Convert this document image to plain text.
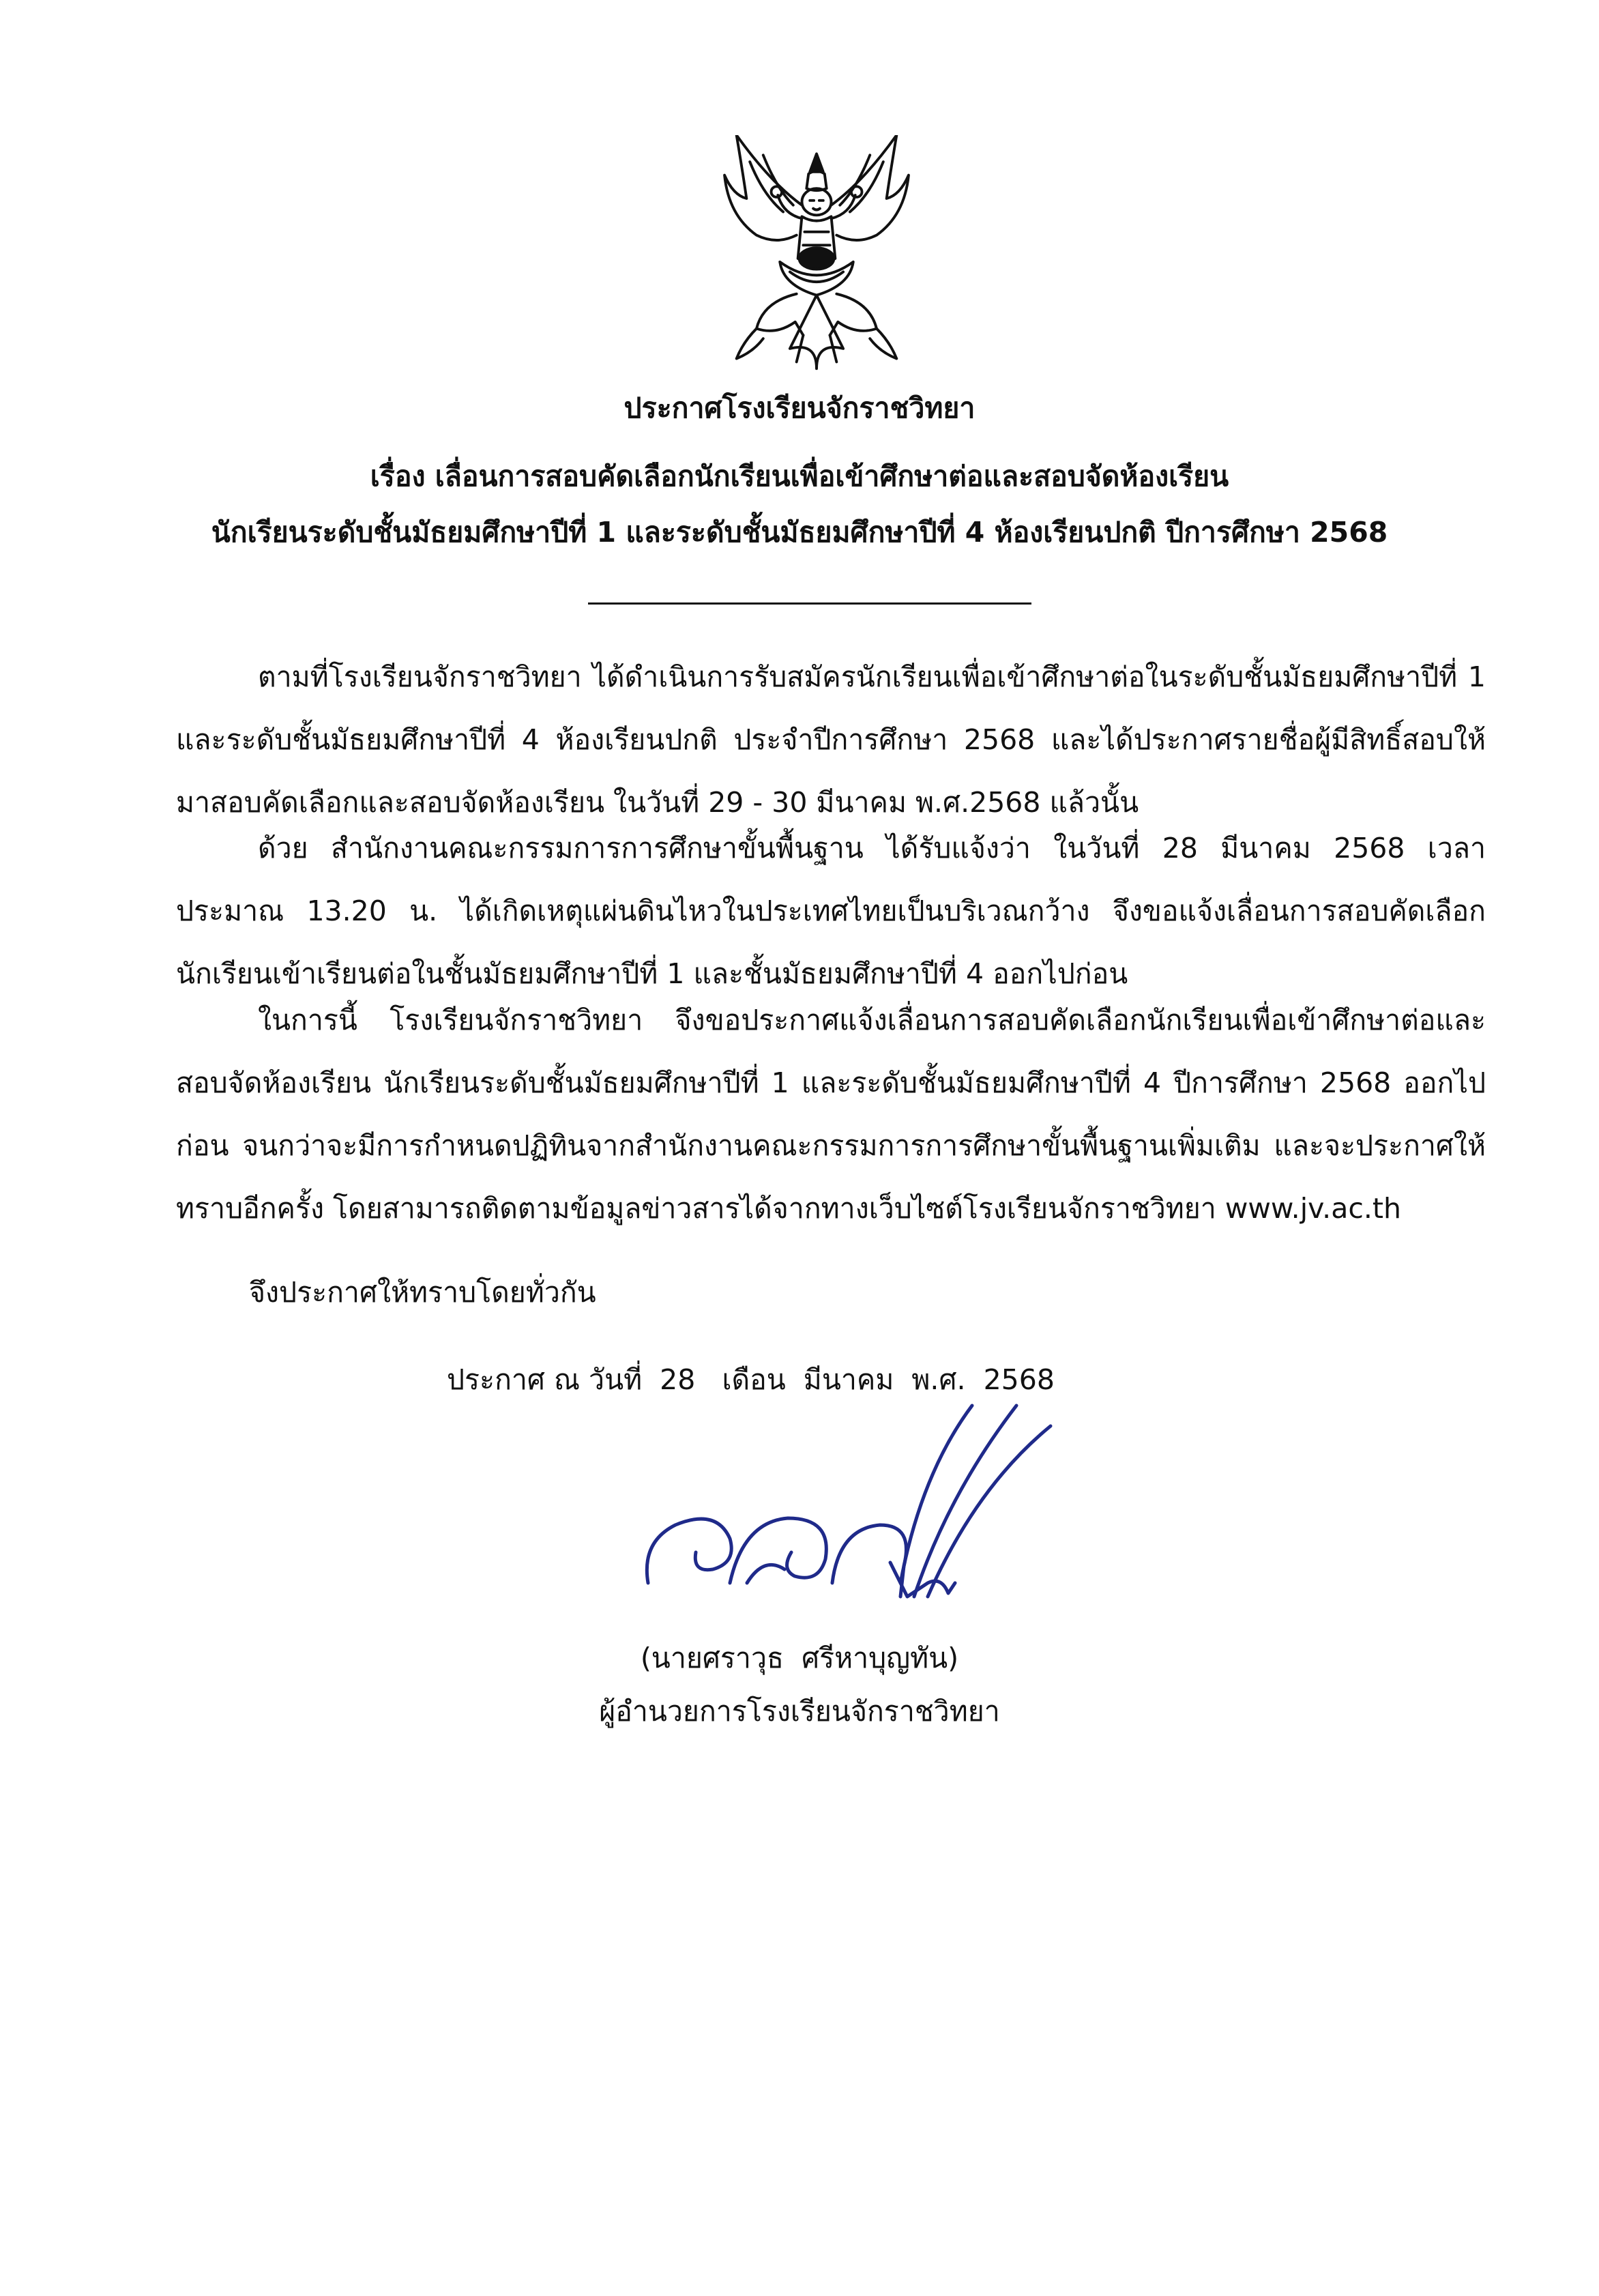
ประกาศโรงเรียนจักราชวิทยา
เรื่อง เลื่อนการสอบคัดเลือกนักเรียนเพื่อเข้าศึกษาต่อและสอบจัดห้องเรียน
นักเรียนระดับชั้นมัธยมศึกษาปีที่ 1 และระดับชั้นมัธยมศึกษาปีที่ 4 ห้องเรียนปกติ ปีการศึกษา 2568

ตามที่โรงเรียนจักราชวิทยา ได้ดำเนินการรับสมัครนักเรียนเพื่อเข้าศึกษาต่อในระดับชั้นมัธยมศึกษาปีที่ 1 และระดับชั้นมัธยมศึกษาปีที่ 4 ห้องเรียนปกติ ประจำปีการศึกษา 2568 และได้ประกาศรายชื่อผู้มีสิทธิ์สอบให้มาสอบคัดเลือกและสอบจัดห้องเรียน ในวันที่ 29 - 30 มีนาคม พ.ศ.2568 แล้วนั้น

ด้วย สำนักงานคณะกรรมการการศึกษาขั้นพื้นฐาน ได้รับแจ้งว่า ในวันที่ 28 มีนาคม 2568 เวลาประมาณ 13.20 น. ได้เกิดเหตุแผ่นดินไหวในประเทศไทยเป็นบริเวณกว้าง จึงขอแจ้งเลื่อนการสอบคัดเลือกนักเรียนเข้าเรียนต่อในชั้นมัธยมศึกษาปีที่ 1 และชั้นมัธยมศึกษาปีที่ 4 ออกไปก่อน

ในการนี้ โรงเรียนจักราชวิทยา จึงขอประกาศแจ้งเลื่อนการสอบคัดเลือกนักเรียนเพื่อเข้าศึกษาต่อและสอบจัดห้องเรียน นักเรียนระดับชั้นมัธยมศึกษาปีที่ 1 และระดับชั้นมัธยมศึกษาปีที่ 4 ปีการศึกษา 2568 ออกไปก่อน จนกว่าจะมีการกำหนดปฏิทินจากสำนักงานคณะกรรมการการศึกษาขั้นพื้นฐานเพิ่มเติม และจะประกาศให้ทราบอีกครั้ง โดยสามารถติดตามข้อมูลข่าวสารได้จากทางเว็บไซต์โรงเรียนจักราชวิทยา www.jv.ac.th

จึงประกาศให้ทราบโดยทั่วกัน
ประกาศ ณ วันที่  28   เดือน  มีนาคม  พ.ศ.  2568
(นายศราวุธ  ศรีหาบุญทัน)
ผู้อำนวยการโรงเรียนจักราชวิทยา
